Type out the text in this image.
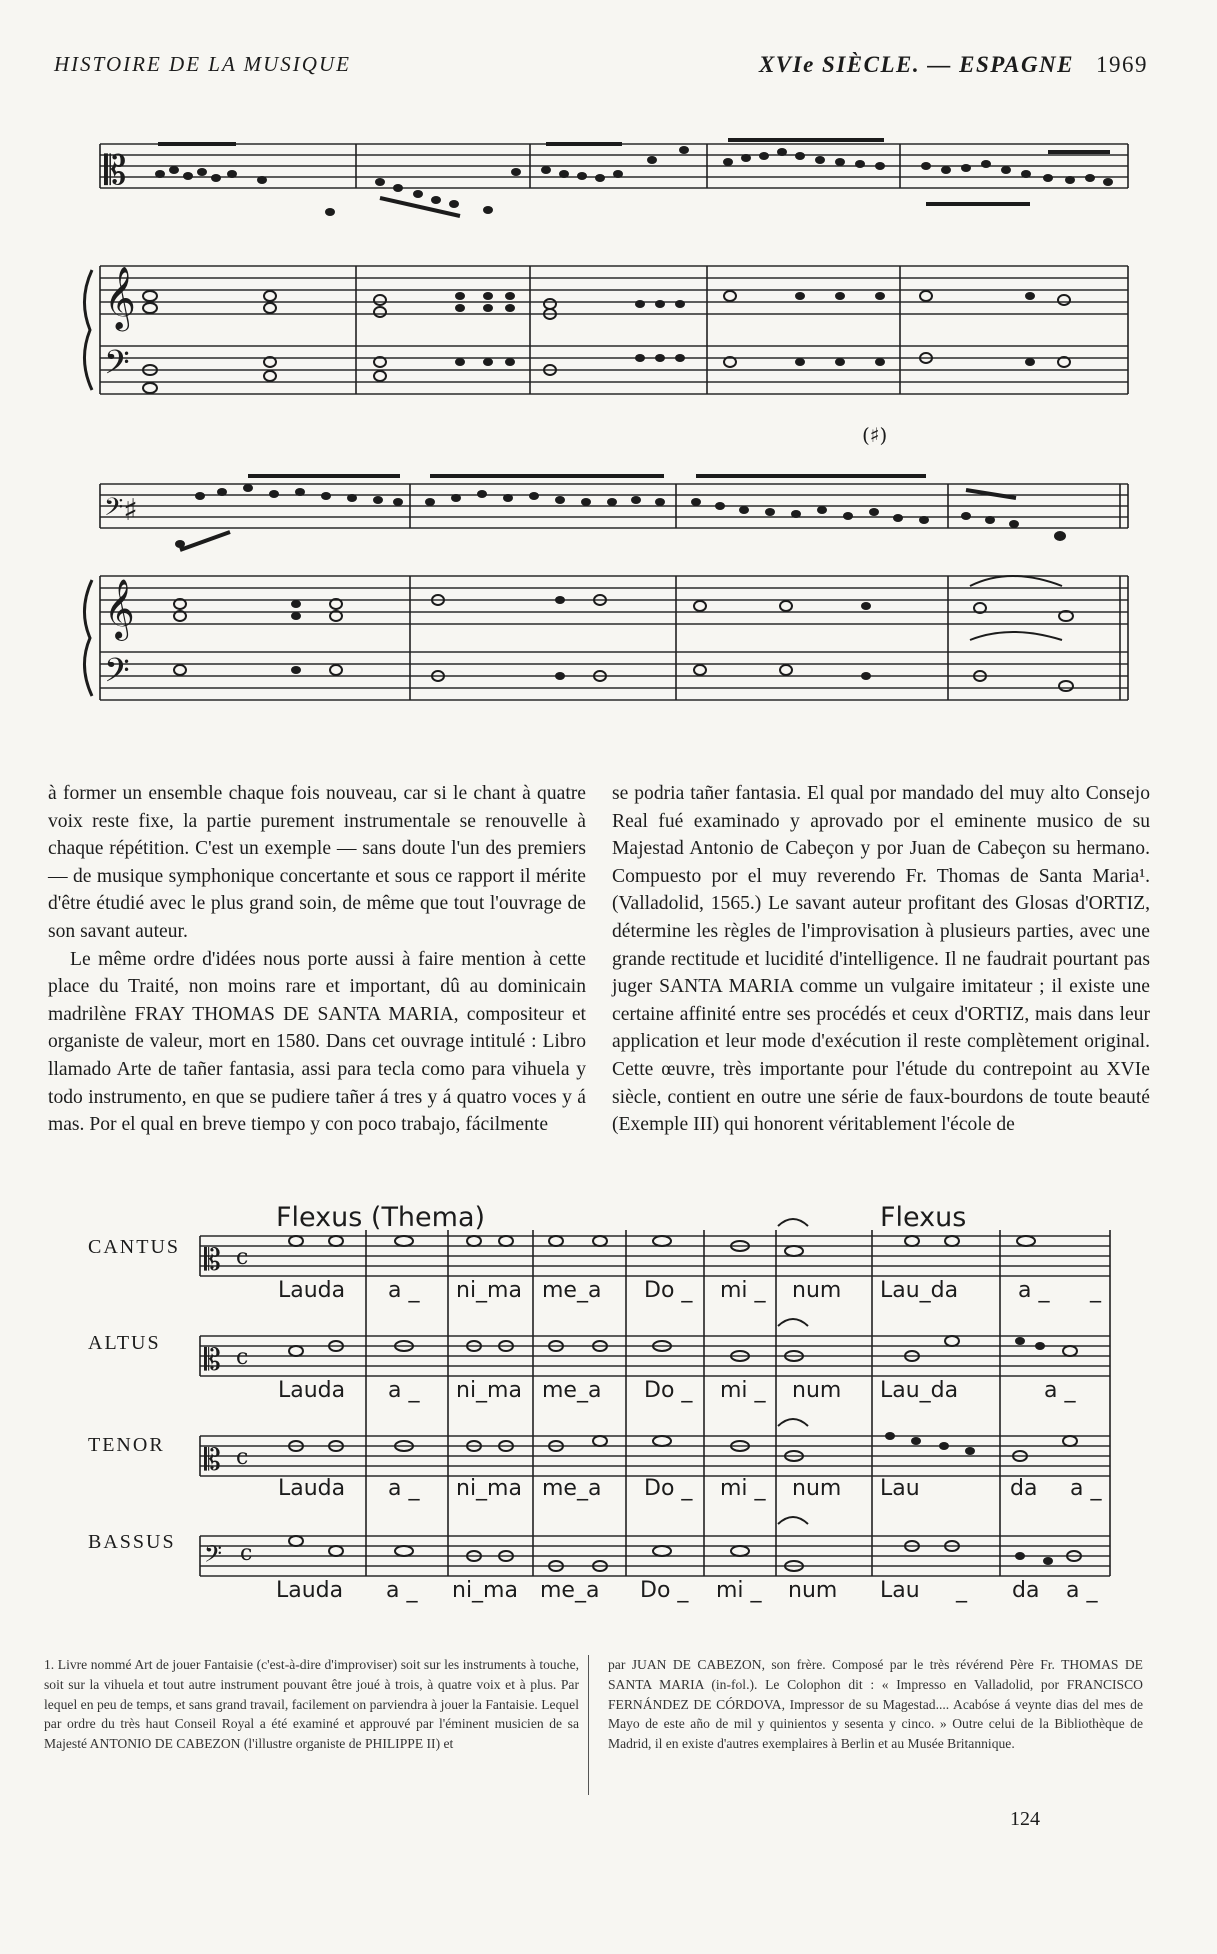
HISTOIRE DE LA MUSIQUE	XVIe SIÈCLE. — ESPAGNE 1969
𝄡
𝄞
𝄢
(♯)
𝄢♯
𝄞
𝄢

à former un ensemble chaque fois nouveau, car si le chant à quatre voix reste fixe, la partie purement instrumentale se renouvelle à chaque répétition. C'est un exemple — sans doute l'un des premiers — de musique symphonique concertante et sous ce rapport il mérite d'être étudié avec le plus grand soin, de même que tout l'ouvrage de son savant auteur.

Le même ordre d'idées nous porte aussi à faire mention à cette place du Traité, non moins rare et important, dû au dominicain madrilène FRAY THOMAS DE SANTA MARIA, compositeur et organiste de valeur, mort en 1580. Dans cet ouvrage intitulé : Libro llamado Arte de tañer fantasia, assi para tecla como para vihuela y todo instrumento, en que se pudiere tañer á tres y á quatro voces y á mas. Por el qual en breve tiempo y con poco trabajo, fácilmente

se podria tañer fantasia. El qual por mandado del muy alto Consejo Real fué examinado y aprovado por el eminente musico de su Majestad Antonio de Cabeçon y por Juan de Cabeçon su hermano. Compuesto por el muy reverendo Fr. Thomas de Santa Maria¹. (Valladolid, 1565.) Le savant auteur profitant des Glosas d'ORTIZ, détermine les règles de l'improvisation à plusieurs parties, avec une grande rectitude et lucidité d'intelligence. Il ne faudrait pourtant pas juger SANTA MARIA comme un vulgaire imitateur ; il existe une certaine affinité entre ses procédés et ceux d'ORTIZ, mais dans leur application et leur mode d'exécution il reste complètement original. Cette œuvre, très importante pour l'étude du contrepoint au XVIe siècle, contient en outre une série de faux-bourdons de toute beauté (Exemple III) qui honorent véritablement l'école de

Flexus (Thema)	Flexus
𝄡 c
𝄡 c
𝄡 c
𝄢 c
CANTUS
ALTUS
TENOR
BASSUS
Lauda a _ ni_ma me_a Do _ mi _ num Lau_da	a _ _
Lauda a _ ni_ma me_a Do _ mi _ num Lau_da	a _
Lauda a _ ni_ma me_a Do _ mi _ num Lau	da a _
Lauda a _ ni_ma me_a Do _ mi _ num Lau _ da a _

1. Livre nommé Art de jouer Fantaisie (c'est-à-dire d'improviser) soit sur les instruments à touche, soit sur la vihuela et tout autre instrument pouvant être joué à trois, à quatre voix et à plus. Par lequel en peu de temps, et sans grand travail, facilement on parviendra à jouer la Fantaisie. Lequel par ordre du très haut Conseil Royal a été examiné et approuvé par l'éminent musicien de sa Majesté ANTONIO DE CABEZON (l'illustre organiste de PHILIPPE II) et

par JUAN DE CABEZON, son frère. Composé par le très révérend Père Fr. THOMAS DE SANTA MARIA (in-fol.). Le Colophon dit : « Impresso en Valladolid, por FRANCISCO FERNÁNDEZ DE CÓRDOVA, Impressor de su Magestad.... Acabóse á veynte dias del mes de Mayo de este año de mil y quinientos y sesenta y cinco. » Outre celui de la Bibliothèque de Madrid, il en existe d'autres exemplaires à Berlin et au Musée Britannique.

124
